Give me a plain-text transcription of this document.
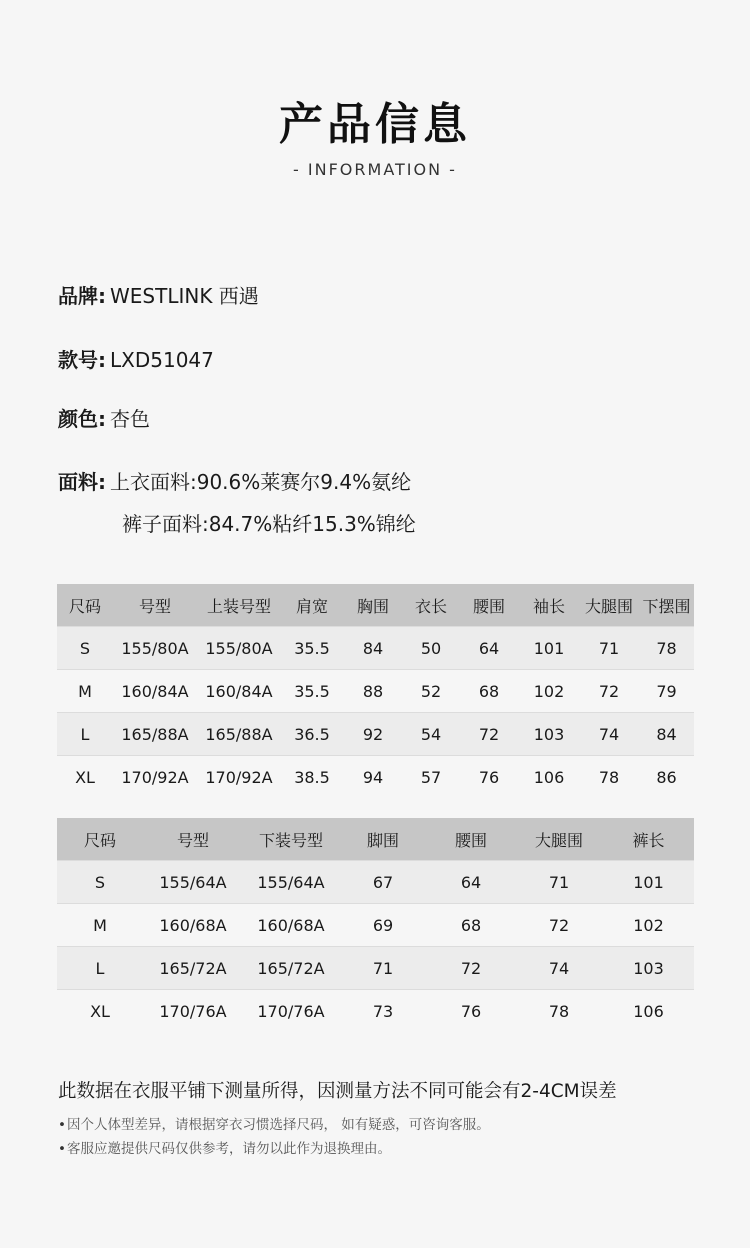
产品信息
- INFORMATION -
品牌: WESTLINK 西遇
款号: LXD51047
颜色: 杏色
面料: 上衣面料:90.6%莱赛尔9.4%氨纶
裤子面料:84.7%粘纤15.3%锦纶
尺码	号型	上装号型	肩宽	胸围	衣长	腰围	袖长	大腿围	下摆围
S	155/80A	155/80A	35.5	84	50	64	101	71	78
M	160/84A	160/84A	35.5	88	52	68	102	72	79
L	165/88A	165/88A	36.5	92	54	72	103	74	84
XL	170/92A	170/92A	38.5	94	57	76	106	78	86
尺码	号型	下装号型	脚围	腰围	大腿围	裤长
S	155/64A	155/64A	67	64	71	101
M	160/68A	160/68A	69	68	72	102
L	165/72A	165/72A	71	72	74	103
XL	170/76A	170/76A	73	76	78	106
此数据在衣服平铺下测量所得，因测量方法不同可能会有2-4CM误差
•因个人体型差异，请根据穿衣习惯选择尺码， 如有疑惑，可咨询客服。
•客服应邀提供尺码仅供参考，请勿以此作为退换理由。
